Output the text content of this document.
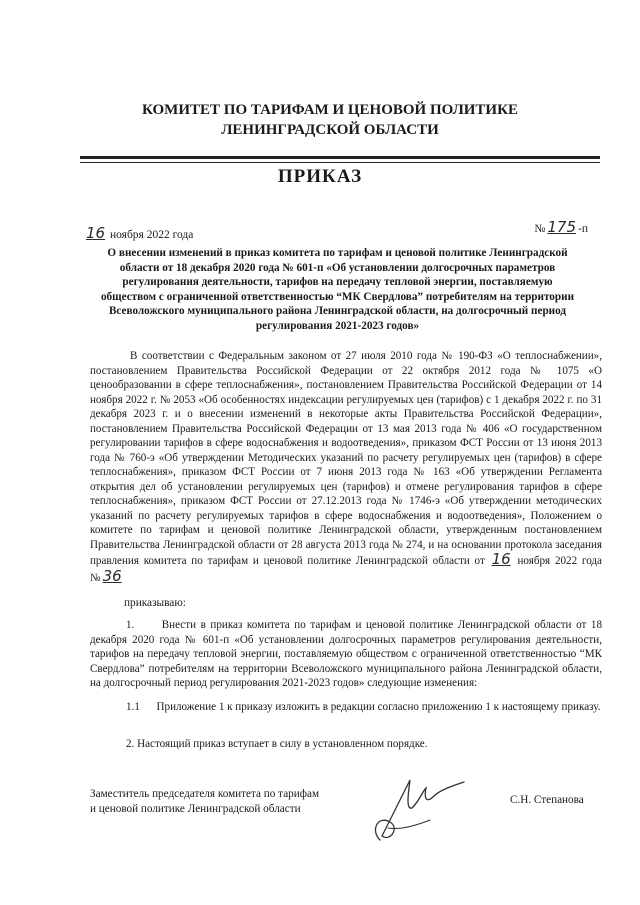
КОМИТЕТ ПО ТАРИФАМ И ЦЕНОВОЙ ПОЛИТИКЕ
ЛЕНИНГРАДСКОЙ ОБЛАСТИ
ПРИКАЗ
16 ноября 2022 года	№ 175 -п
О внесении изменений в приказ комитета по тарифам и ценовой политике Ленинградской области от 18 декабря 2020 года № 601-п «Об установлении долгосрочных параметров регулирования деятельности, тарифов на передачу тепловой энергии, поставляемую обществом с ограниченной ответственностью “МК Свердлова” потребителям на территории Всеволожского муниципального района Ленинградской области, на долгосрочный период регулирования 2021-2023 годов»
В соответствии с Федеральным законом от 27 июля 2010 года № 190-ФЗ «О теплоснабжении», постановлением Правительства Российской Федерации от 22 октября 2012 года № 1075 «О ценообразовании в сфере теплоснабжения», постановлением Правительства Российской Федерации от 14 ноября 2022 г. № 2053 «Об особенностях индексации регулируемых цен (тарифов) с 1 декабря 2022 г. по 31 декабря 2023 г. и о внесении изменений в некоторые акты Правительства Российской Федерации», постановлением Правительства Российской Федерации от 13 мая 2013 года № 406 «О государственном регулировании тарифов в сфере водоснабжения и водоотведения», приказом ФСТ России от 13 июня 2013 года № 760-э «Об утверждении Методических указаний по расчету регулируемых цен (тарифов) в сфере теплоснабжения», приказом ФСТ России от 7 июня 2013 года № 163 «Об утверждении Регламента открытия дел об установлении регулируемых цен (тарифов) и отмене регулирования тарифов в сфере теплоснабжения», приказом ФСТ России от 27.12.2013 года № 1746-э «Об утверждении методических указаний по расчету регулируемых тарифов в сфере водоснабжения и водоотведения», Положением о комитете по тарифам и ценовой политике Ленинградской области, утвержденным постановлением Правительства Ленинградской области от 28 августа 2013 года № 274, и на основании протокола заседания правления комитета по тарифам и ценовой политике Ленинградской области от 16 ноября 2022 года № 36
приказываю:
1.      Внести в приказ комитета по тарифам и ценовой политике Ленинградской области от 18 декабря 2020 года № 601-п «Об установлении долгосрочных параметров регулирования деятельности, тарифов на передачу тепловой энергии, поставляемую обществом с ограниченной ответственностью “МК Свердлова” потребителям на территории Всеволожского муниципального района Ленинградской области, на долгосрочный период регулирования 2021-2023 годов» следующие изменения:
1.1      Приложение 1 к приказу изложить в редакции согласно приложению 1 к настоящему приказу.
2. Настоящий приказ вступает в силу в установленном порядке.
Заместитель председателя комитета по тарифам
и ценовой политике Ленинградской области
С.Н. Степанова
